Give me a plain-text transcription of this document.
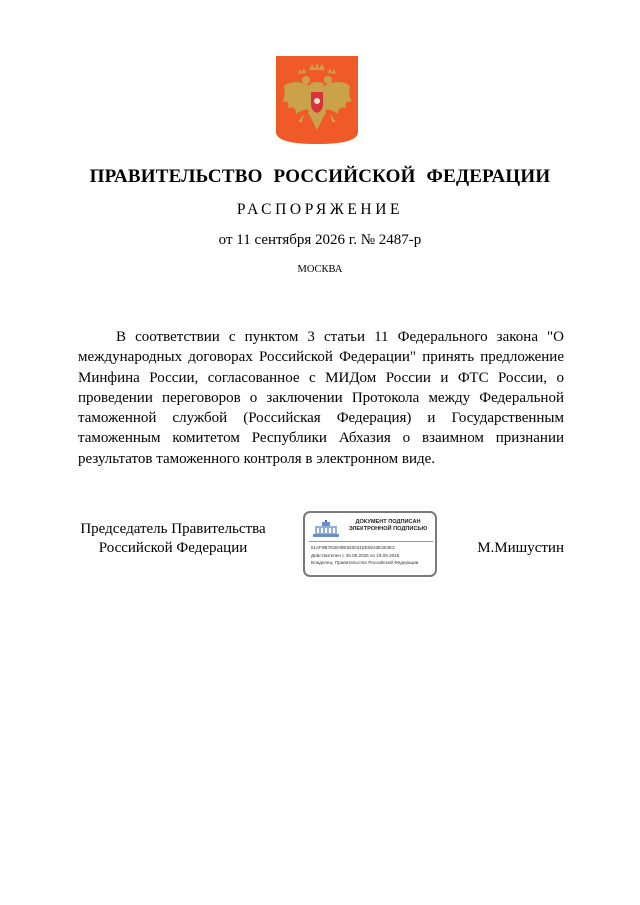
ПРАВИТЕЛЬСТВО РОССИЙСКОЙ ФЕДЕРАЦИИ
РАСПОРЯЖЕНИЕ
от 11 сентября 2026 г. № 2487-р
МОСКВА
В соответствии с пунктом 3 статьи 11 Федерального закона "О международных договорах Российской Федерации" принять предложение Минфина России, согласованное с МИДом России и ФТС России, о проведении переговоров о заключении Протокола между Федеральной таможенной службой (Российская Федерация) и Государственным таможенным комитетом Республики Абхазия о взаимном признании результатов таможенного контроля в электронном виде.
Председатель Правительства
Российской Федерации
ДОКУМЕНТ ПОДПИСАН
ЭЛЕКТРОННОЙ ПОДПИСЬЮ
51AF8B781E09E920041EE5043E303E3
Действителен с 26.06.2025 по 19.09.2026
Владелец: Правительство Российской Федерации
М.Мишустин
